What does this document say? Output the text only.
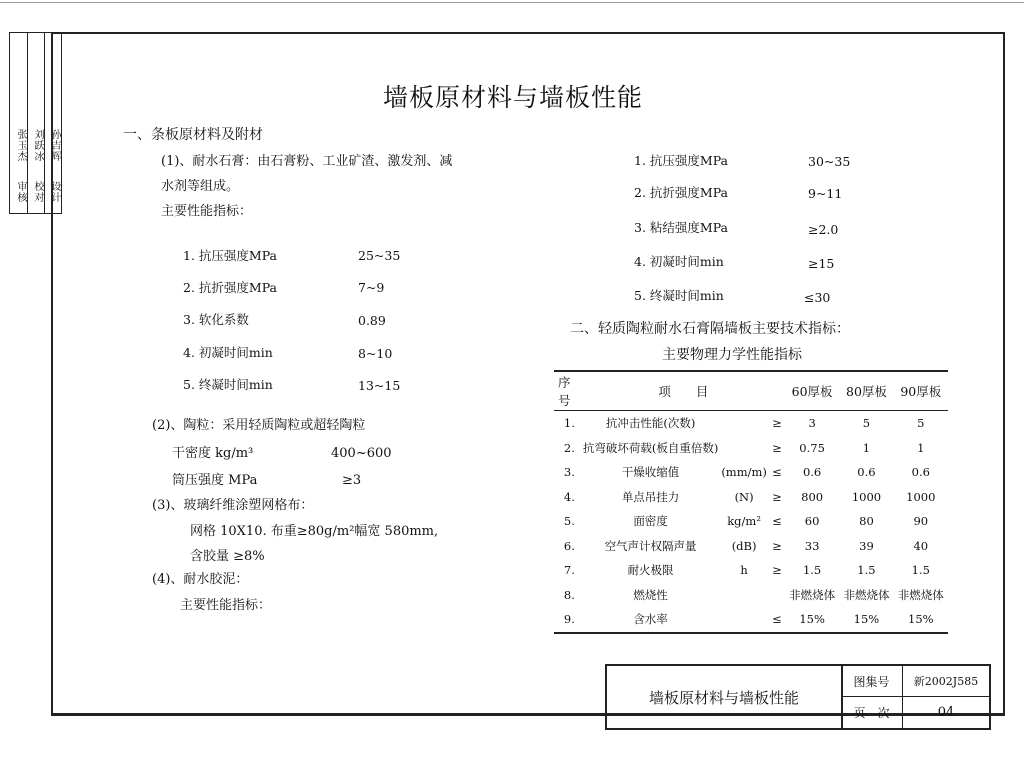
审核 校对 设计
张玉杰 刘跃冰 孙吉辉
墙板原材料与墙板性能
一、条板原材料及附材
(1)、耐水石膏：由石膏粉、工业矿渣、激发剂、减
水剂等组成。
主要性能指标：
1. 抗压强度MPa	25~35
2. 抗折强度MPa	7~9
3. 软化系数	0.89
4. 初凝时间min	8~10
5. 终凝时间min	13~15
(2)、陶粒：采用轻质陶粒或超轻陶粒
干密度 kg/m³	400~600
筒压强度 MPa	≥3
(3)、玻璃纤维涂塑网格布：
网格 10X10. 布重≥80g/m²幅宽 580mm,
含胶量 ≥8%
(4)、耐水胶泥：
主要性能指标：
1. 抗压强度MPa	30~35
2. 抗折强度MPa	9~11
3. 粘结强度MPa	≥2.0
4. 初凝时间min	≥15
5. 终凝时间min	≤30
二、轻质陶粒耐水石膏隔墙板主要技术指标：
主要物理力学性能指标
序号	项　　目			60厚板	80厚板	90厚板
1.	抗冲击性能(次数)		≥	3	5	5
2.	抗弯破坏荷载(板自重倍数)		≥	0.75	1	1
3.	干燥收缩值	(mm/m)	≤	0.6	0.6	0.6
4.	单点吊挂力	(N)	≥	800	1000	1000
5.	面密度	kg/m²	≤	60	80	90
6.	空气声计权隔声量	(dB)	≥	33	39	40
7.	耐火极限	h	≥	1.5	1.5	1.5
8.	燃烧性			非燃烧体	非燃烧体	非燃烧体
9.	含水率		≤	15%	15%	15%
墙板原材料与墙板性能
图集号	新2002J585
页　次	04
